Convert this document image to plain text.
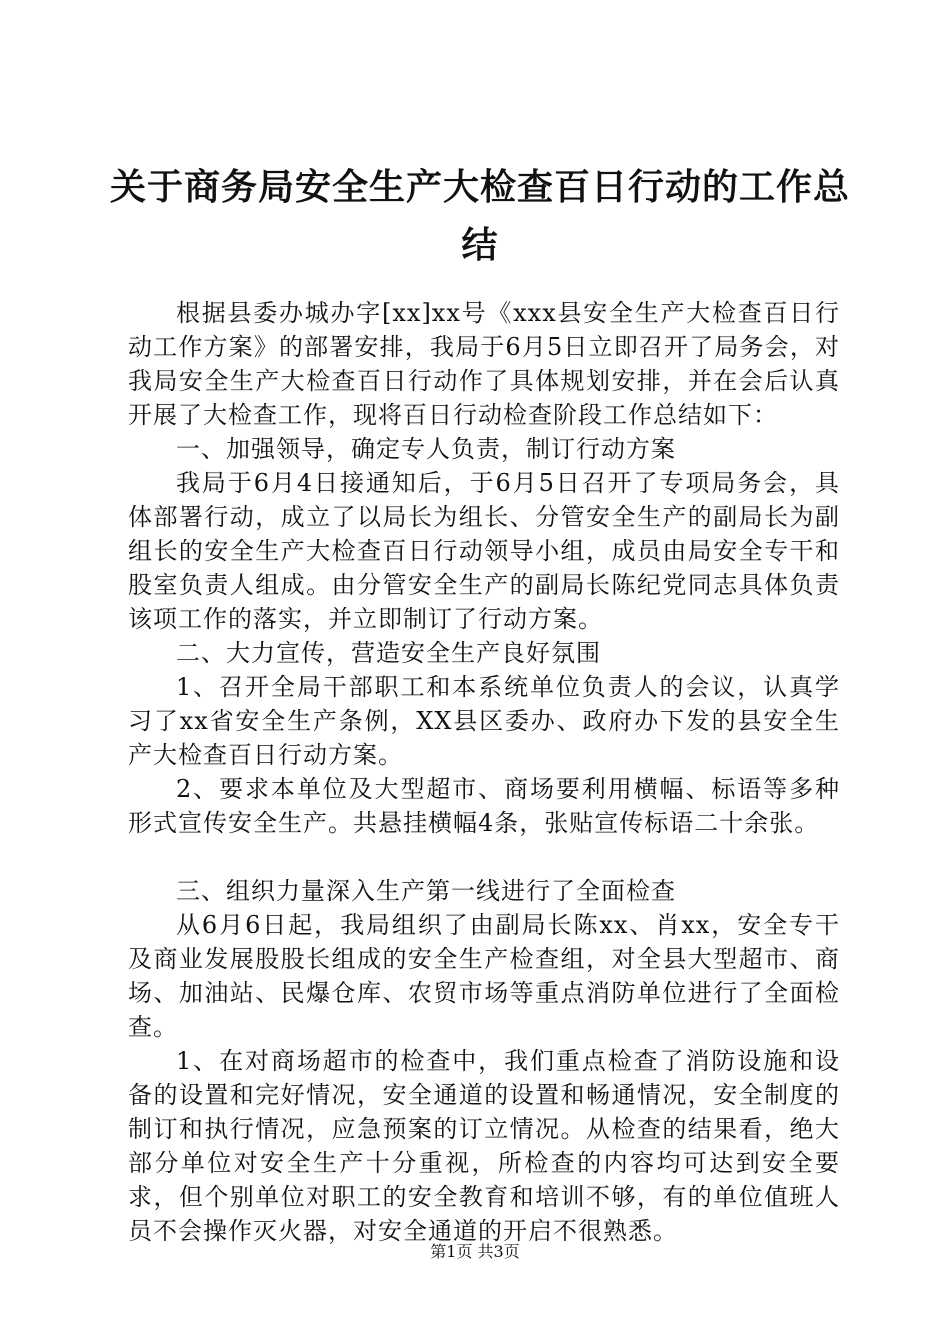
关于商务局安全生产大检查百日行动的工作总
结

根据县委办城办字[xx]xx号《xxx县安全生产大检查百日行动工作方案》的部署安排，我局于6月5日立即召开了局务会，对我局安全生产大检查百日行动作了具体规划安排，并在会后认真开展了大检查工作，现将百日行动检查阶段工作总结如下：

一、加强领导，确定专人负责，制订行动方案

我局于6月4日接通知后，于6月5日召开了专项局务会，具体部署行动，成立了以局长为组长、分管安全生产的副局长为副组长的安全生产大检查百日行动领导小组，成员由局安全专干和股室负责人组成。由分管安全生产的副局长陈纪党同志具体负责该项工作的落实，并立即制订了行动方案。

二、大力宣传，营造安全生产良好氛围

1、召开全局干部职工和本系统单位负责人的会议，认真学习了xx省安全生产条例，XX县区委办、政府办下发的县安全生产大检查百日行动方案。

2、要求本单位及大型超市、商场要利用横幅、标语等多种形式宣传安全生产。共悬挂横幅4条，张贴宣传标语二十余张。

三、组织力量深入生产第一线进行了全面检查

从6月6日起，我局组织了由副局长陈xx、肖xx，安全专干及商业发展股股长组成的安全生产检查组，对全县大型超市、商场、加油站、民爆仓库、农贸市场等重点消防单位进行了全面检查。

1、在对商场超市的检查中，我们重点检查了消防设施和设备的设置和完好情况，安全通道的设置和畅通情况，安全制度的制订和执行情况，应急预案的订立情况。从检查的结果看，绝大部分单位对安全生产十分重视，所检查的内容均可达到安全要求，但个别单位对职工的安全教育和培训不够，有的单位值班人员不会操作灭火器，对安全通道的开启不很熟悉。

第1页 共3页
